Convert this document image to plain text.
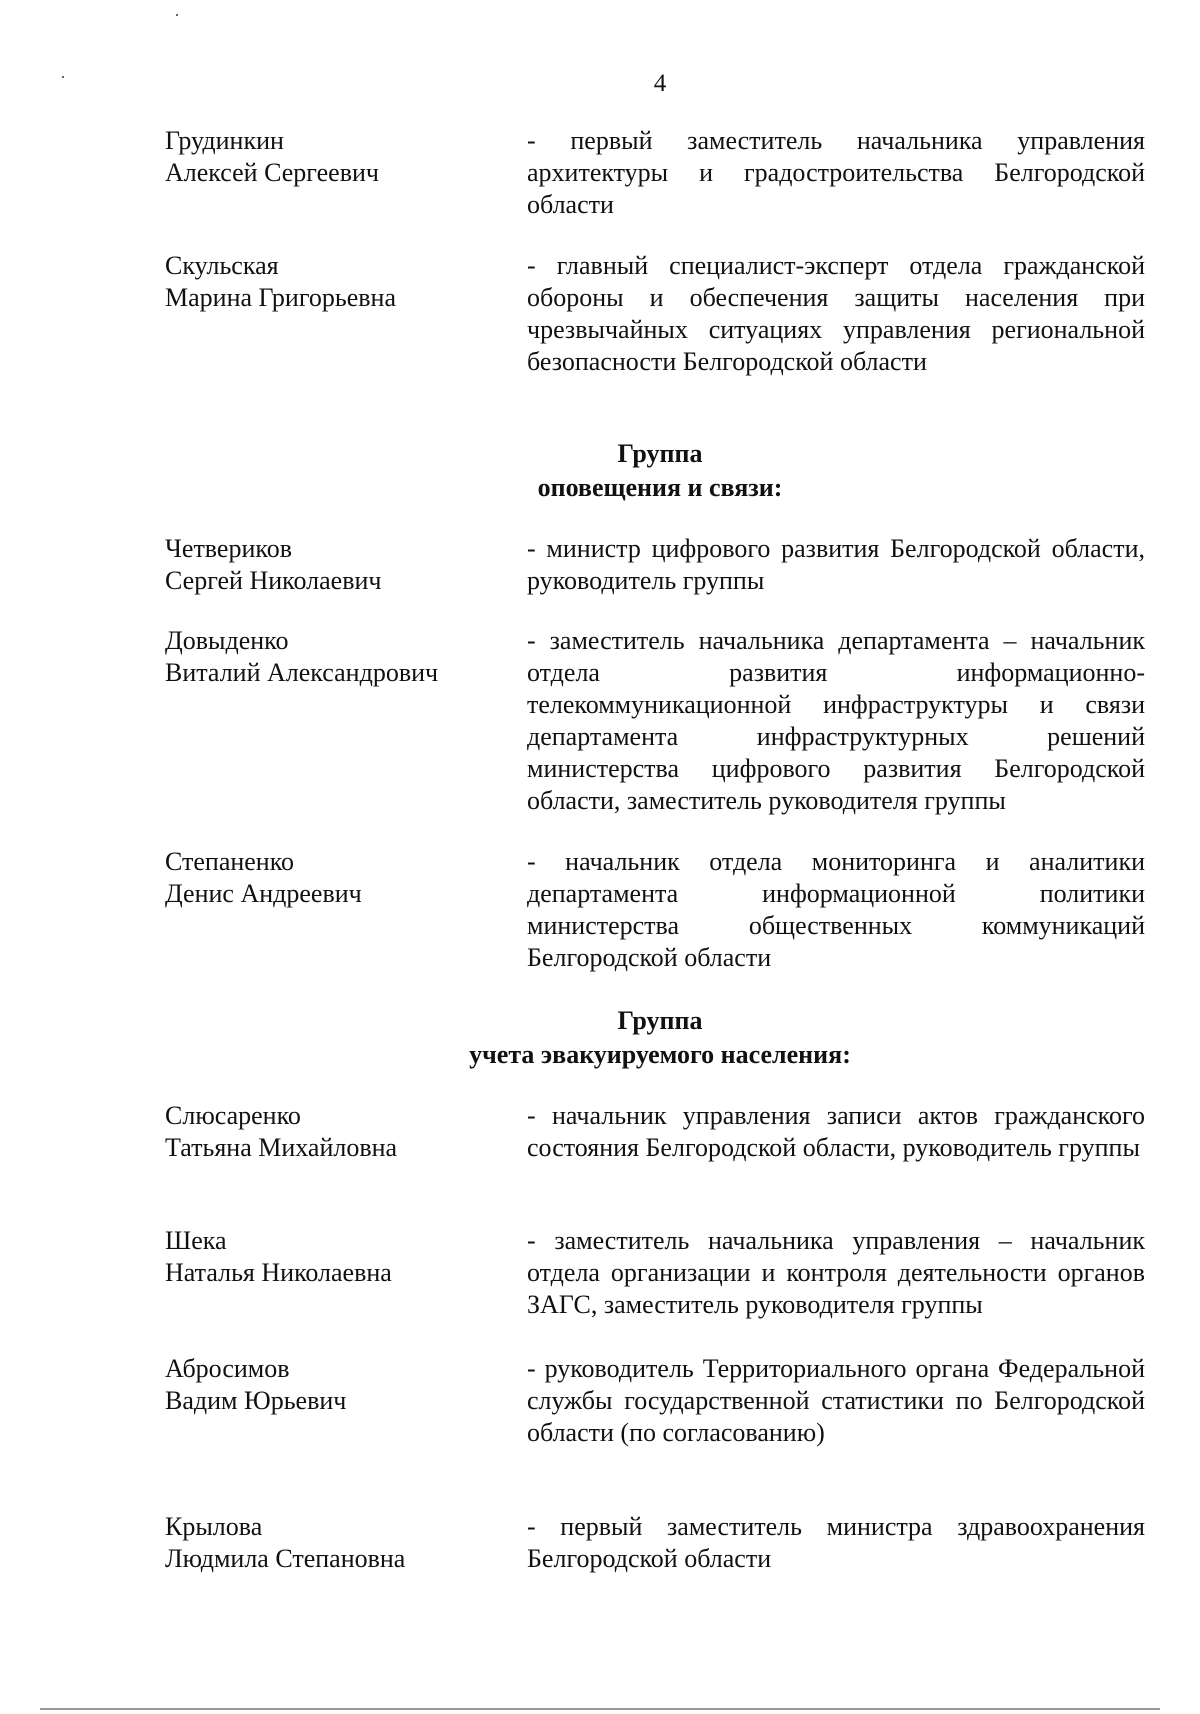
4
Грудинкин
Алексей Сергеевич
- первый заместитель начальника управления архитектуры и градостроительства Белгородской области
Скульская
Марина Григорьевна
- главный специалист-эксперт отдела гражданской обороны и обеспечения защиты населения при чрезвычайных ситуациях управления региональной безопасности Белгородской области
Группа
оповещения и связи:
Четвериков
Сергей Николаевич
- министр цифрового развития Белгородской области, руководитель группы
Довыденко
Виталий Александрович
- заместитель начальника департамента – начальник отдела развития информационно-телекоммуникационной инфраструктуры и связи департамента инфраструктурных решений министерства цифрового развития Белгородской области, заместитель руководителя группы
Степаненко
Денис Андреевич
- начальник отдела мониторинга и аналитики департамента информационной политики министерства общественных коммуникаций Белгородской области
Группа
учета эвакуируемого населения:
Слюсаренко
Татьяна Михайловна
- начальник управления записи актов гражданского состояния Белгородской области, руководитель группы
Шека
Наталья Николаевна
- заместитель начальника управления – начальник отдела организации и контроля деятельности органов ЗАГС, заместитель руководителя группы
Абросимов
Вадим Юрьевич
- руководитель Территориального органа Федеральной службы государственной статистики по Белгородской области (по согласованию)
Крылова
Людмила Степановна
- первый заместитель министра здравоохранения Белгородской области
